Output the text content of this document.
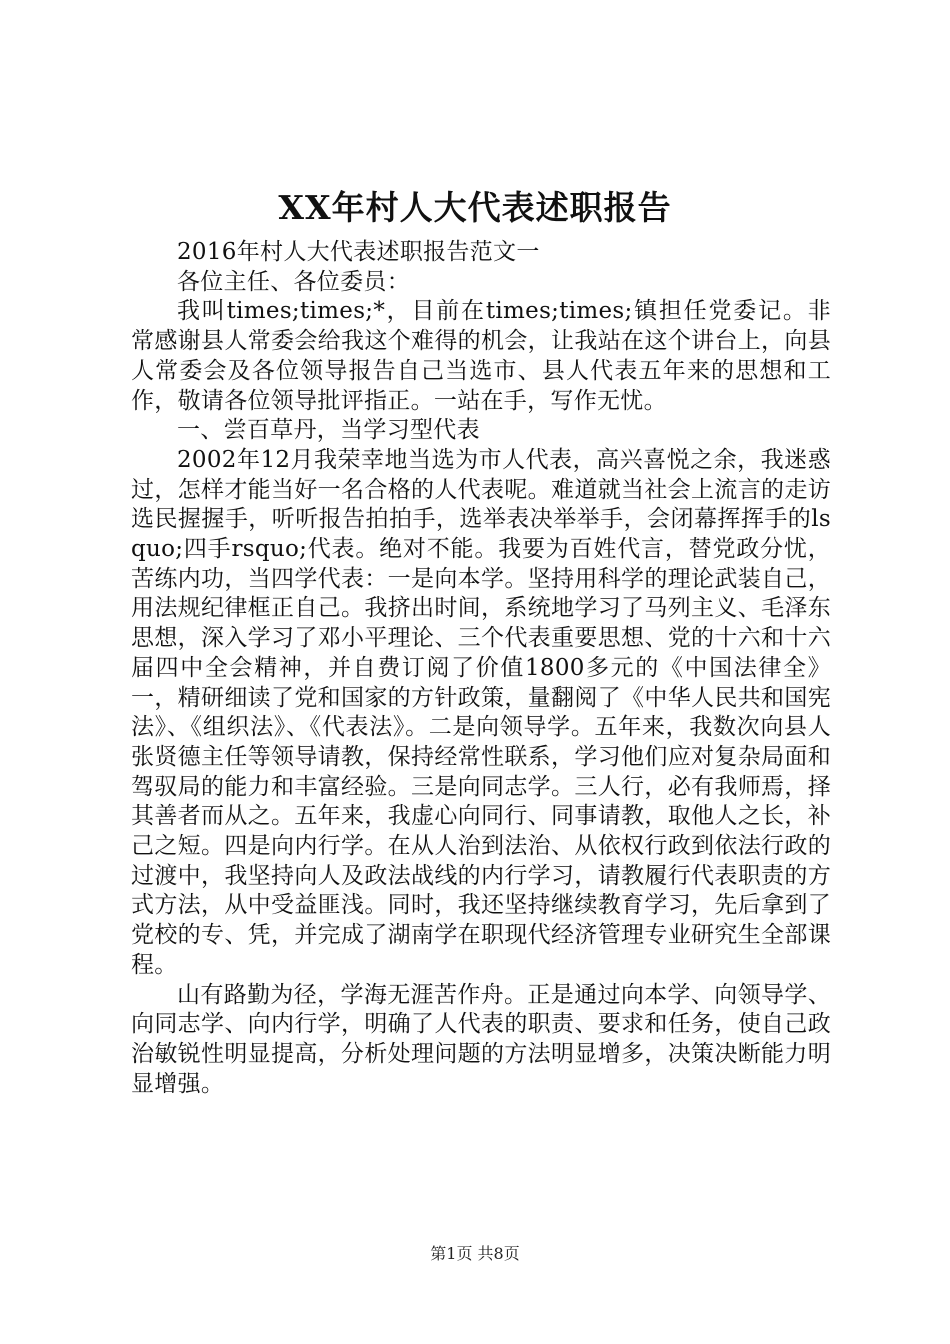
XX年村人大代表述职报告

2016年村人大代表述职报告范文一

各位主任、各位委员：

我叫times;times;*，目前在times;times;镇担任党委记。非常感谢县人常委会给我这个难得的机会，让我站在这个讲台上，向县人常委会及各位领导报告自己当选市、县人代表五年来的思想和工作，敬请各位领导批评指正。一站在手，写作无忧。

一、尝百草丹，当学习型代表

2002年12月我荣幸地当选为市人代表，高兴喜悦之余，我迷惑过，怎样才能当好一名合格的人代表呢。难道就当社会上流言的走访选民握握手，听听报告拍拍手，选举表决举举手，会闭幕挥挥手的lsquo;四手rsquo;代表。绝对不能。我要为百姓代言，替党政分忧，苦练内功，当四学代表：一是向本学。坚持用科学的理论武装自己，用法规纪律框正自己。我挤出时间，系统地学习了马列主义、毛泽东思想，深入学习了邓小平理论、三个代表重要思想、党的十六和十六届四中全会精神，并自费订阅了价值1800多元的《中国法律全》一，精研细读了党和国家的方针政策，量翻阅了《中华人民共和国宪法》、《组织法》、《代表法》。二是向领导学。五年来，我数次向县人张贤德主任等领导请教，保持经常性联系，学习他们应对复杂局面和驾驭局的能力和丰富经验。三是向同志学。三人行，必有我师焉，择其善者而从之。五年来，我虚心向同行、同事请教，取他人之长，补己之短。四是向内行学。在从人治到法治、从依权行政到依法行政的过渡中，我坚持向人及政法战线的内行学习，请教履行代表职责的方式方法，从中受益匪浅。同时，我还坚持继续教育学习，先后拿到了党校的专、凭，并完成了湖南学在职现代经济管理专业研究生全部课程。

山有路勤为径，学海无涯苦作舟。正是通过向本学、向领导学、向同志学、向内行学，明确了人代表的职责、要求和任务，使自己政治敏锐性明显提高，分析处理问题的方法明显增多，决策决断能力明显增强。

第1页 共8页
